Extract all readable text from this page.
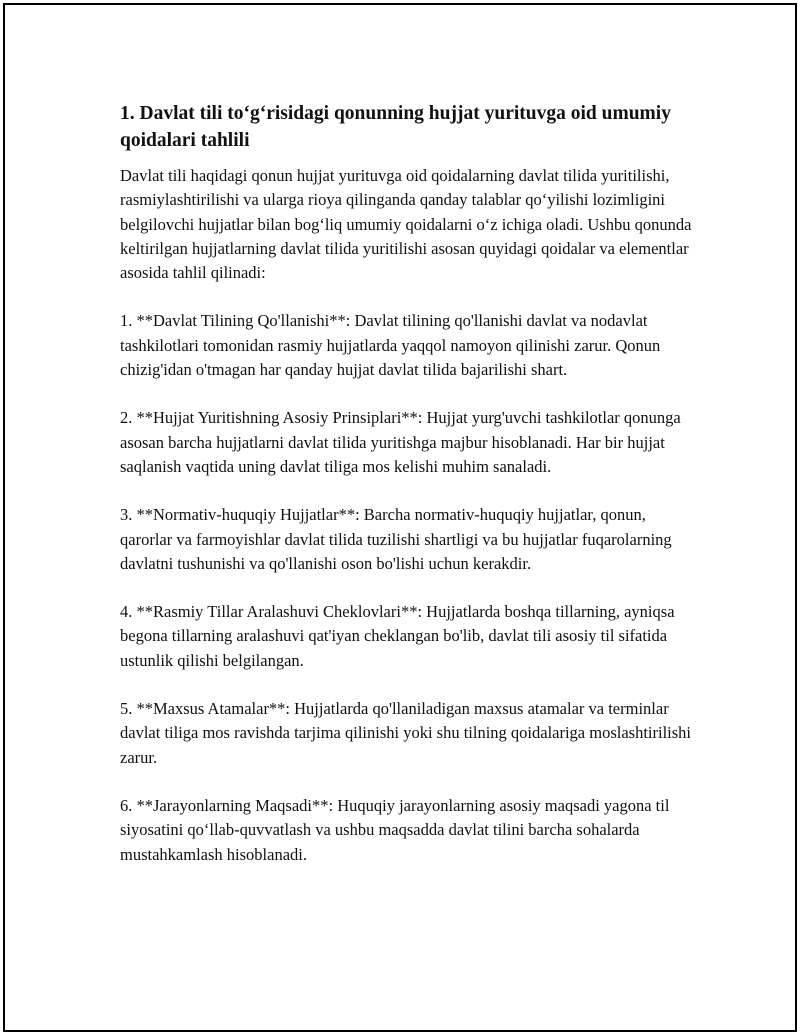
1. Davlat tili to‘g‘risidagi qonunning hujjat yurituvga oid umumiy qoidalari tahlili

Davlat tili haqidagi qonun hujjat yurituvga oid qoidalarning davlat tilida yuritilishi, rasmiylashtirilishi va ularga rioya qilinganda qanday talablar qo‘yilishi lozimligini belgilovchi hujjatlar bilan bog‘liq umumiy qoidalarni o‘z ichiga oladi. Ushbu qonunda keltirilgan hujjatlarning davlat tilida yuritilishi asosan quyidagi qoidalar va elementlar asosida tahlil qilinadi:

1. **Davlat Tilining Qo'llanishi**: Davlat tilining qo'llanishi davlat va nodavlat tashkilotlari tomonidan rasmiy hujjatlarda yaqqol namoyon qilinishi zarur. Qonun chizig'idan o'tmagan har qanday hujjat davlat tilida bajarilishi shart.

2. **Hujjat Yuritishning Asosiy Prinsiplari**: Hujjat yurg'uvchi tashkilotlar qonunga asosan barcha hujjatlarni davlat tilida yuritishga majbur hisoblanadi. Har bir hujjat saqlanish vaqtida uning davlat tiliga mos kelishi muhim sanaladi.

3. **Normativ-huquqiy Hujjatlar**: Barcha normativ-huquqiy hujjatlar, qonun, qarorlar va farmoyishlar davlat tilida tuzilishi shartligi va bu hujjatlar fuqarolarning davlatni tushunishi va qo'llanishi oson bo'lishi uchun kerakdir.

4. **Rasmiy Tillar Aralashuvi Cheklovlari**: Hujjatlarda boshqa tillarning, ayniqsa begona tillarning aralashuvi qat'iyan cheklangan bo'lib, davlat tili asosiy til sifatida ustunlik qilishi belgilangan.

5. **Maxsus Atamalar**: Hujjatlarda qo'llaniladigan maxsus atamalar va terminlar davlat tiliga mos ravishda tarjima qilinishi yoki shu tilning qoidalariga moslashtirilishi zarur.

6. **Jarayonlarning Maqsadi**: Huquqiy jarayonlarning asosiy maqsadi yagona til siyosatini qo‘llab-quvvatlash va ushbu maqsadda davlat tilini barcha sohalarda mustahkamlash hisoblanadi.
